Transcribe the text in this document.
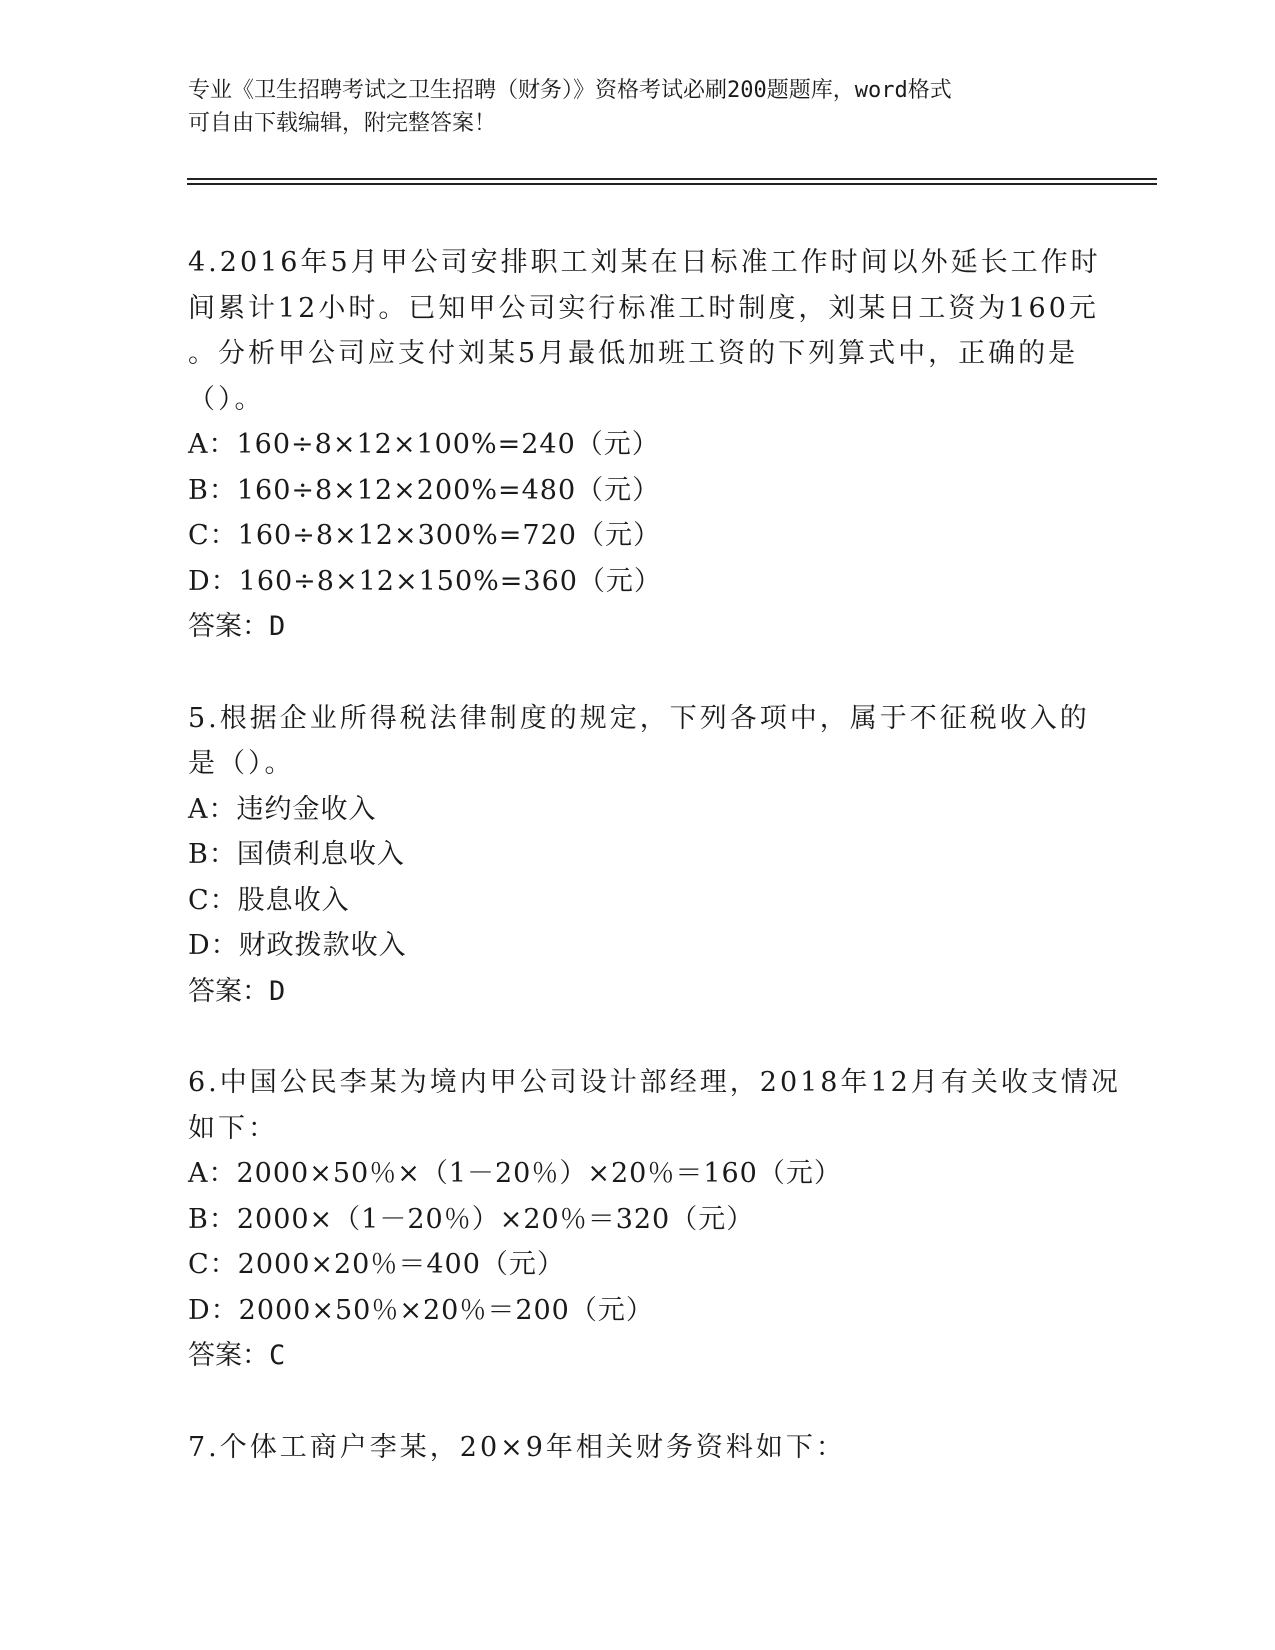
专业《卫生招聘考试之卫生招聘（财务）》资格考试必刷200题题库，word格式
可自由下载编辑，附完整答案！
4.2016年5月甲公司安排职工刘某在日标准工作时间以外延长工作时
间累计12小时。已知甲公司实行标准工时制度，刘某日工资为160元
。分析甲公司应支付刘某5月最低加班工资的下列算式中，正确的是
（）。
A：160÷8×12×100%=240（元）
B：160÷8×12×200%=480（元）
C：160÷8×12×300%=720（元）
D：160÷8×12×150%=360（元）
答案：D
5.根据企业所得税法律制度的规定，下列各项中，属于不征税收入的
是（）。
A：违约金收入
B：国债利息收入
C：股息收入
D：财政拨款收入
答案：D
6.中国公民李某为境内甲公司设计部经理，2018年12月有关收支情况
如下：
A：2000×50％×（1－20％）×20％＝160（元）
B：2000×（1－20％）×20％＝320（元）
C：2000×20％＝400（元）
D：2000×50％×20％＝200（元）
答案：C
7.个体工商户李某，20×9年相关财务资料如下：
